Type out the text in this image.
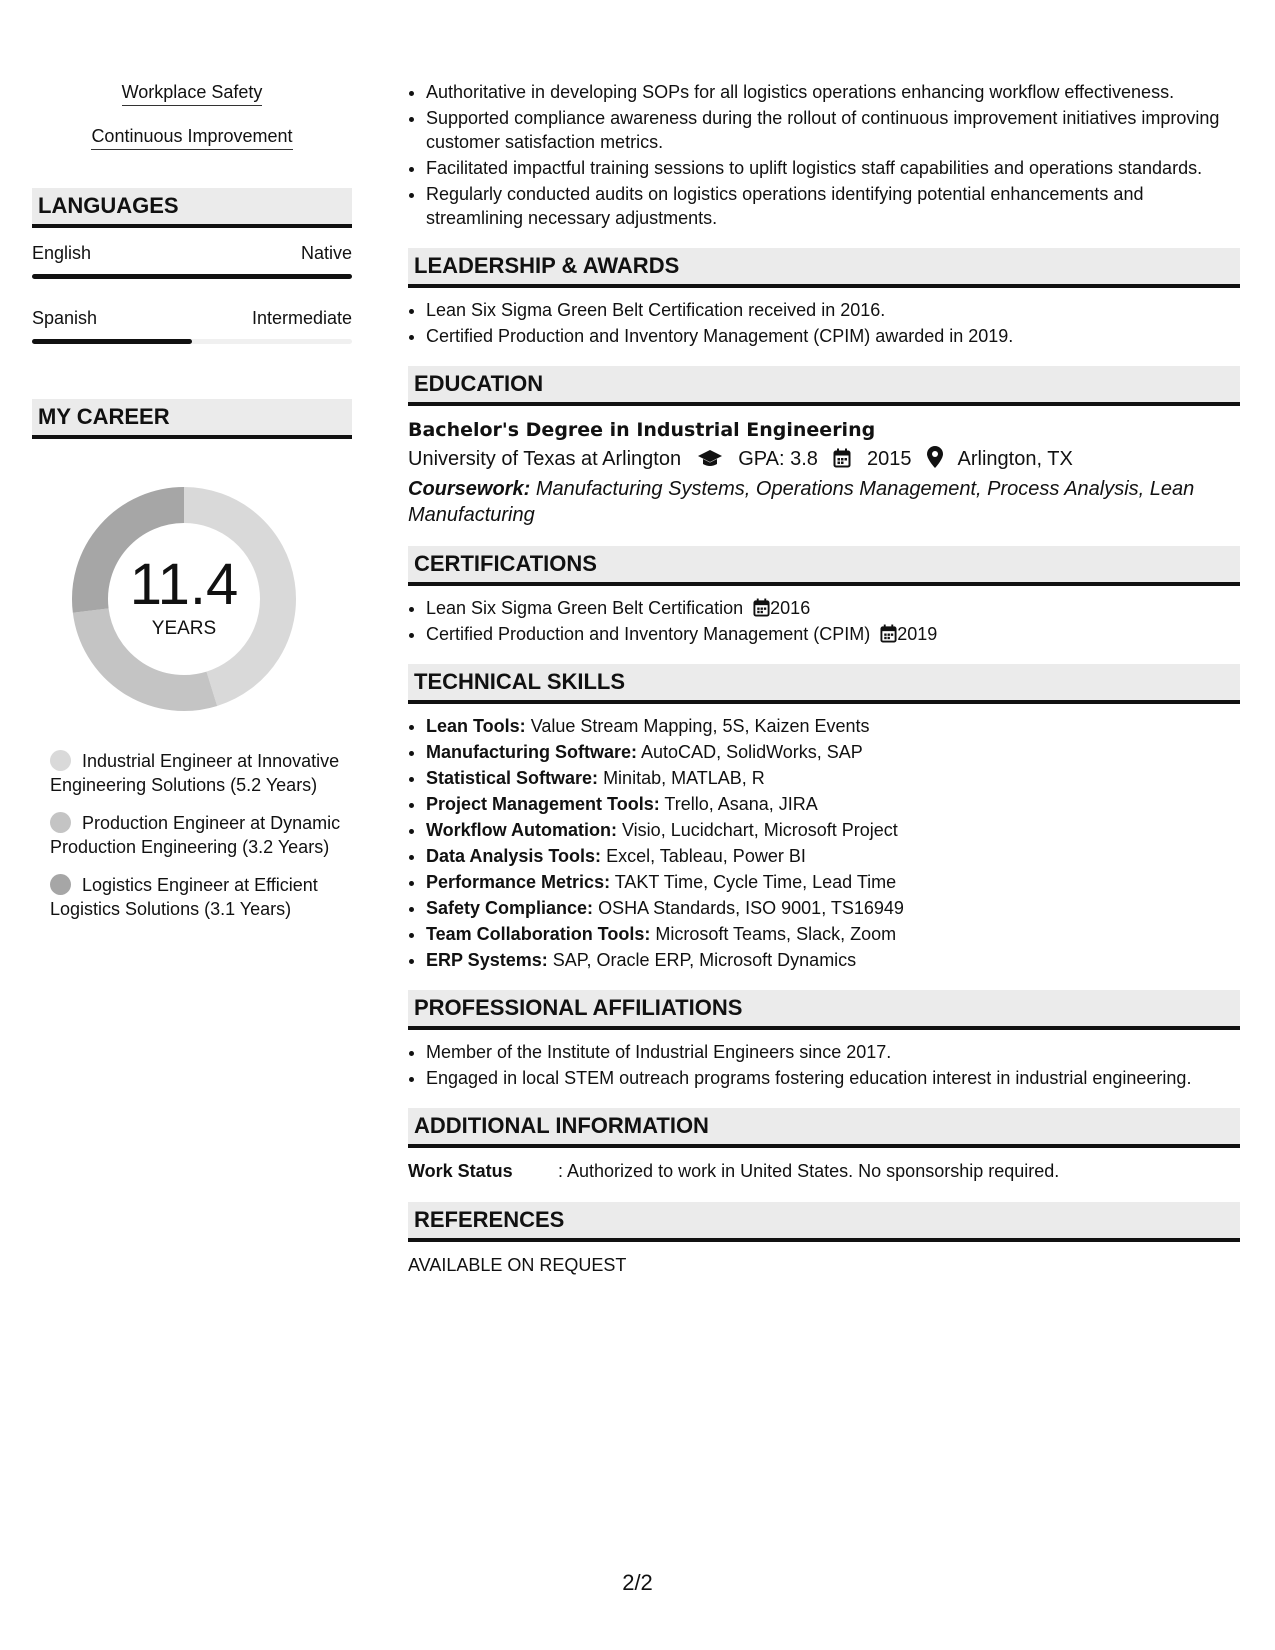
Workplace Safety
Continuous Improvement
LANGUAGES
English	Native
Spanish	Intermediate
MY CAREER
11.4
YEARS
Industrial Engineer at Innovative Engineering Solutions (5.2 Years)
Production Engineer at Dynamic Production Engineering (3.2 Years)
Logistics Engineer at Efficient Logistics Solutions (3.1 Years)
• Authoritative in developing SOPs for all logistics operations enhancing workflow effectiveness.
• Supported compliance awareness during the rollout of continuous improvement initiatives improving customer satisfaction metrics.
• Facilitated impactful training sessions to uplift logistics staff capabilities and operations standards.
• Regularly conducted audits on logistics operations identifying potential enhancements and streamlining necessary adjustments.
LEADERSHIP & AWARDS
• Lean Six Sigma Green Belt Certification received in 2016.
• Certified Production and Inventory Management (CPIM) awarded in 2019.
EDUCATION
Bachelor's Degree in Industrial Engineering
University of Texas at Arlington	GPA: 3.8 2015 Arlington, TX
Coursework: Manufacturing Systems, Operations Management, Process Analysis, Lean Manufacturing
CERTIFICATIONS
• Lean Six Sigma Green Belt Certification 2016
• Certified Production and Inventory Management (CPIM) 2019
TECHNICAL SKILLS
• Lean Tools: Value Stream Mapping, 5S, Kaizen Events
• Manufacturing Software: AutoCAD, SolidWorks, SAP
• Statistical Software: Minitab, MATLAB, R
• Project Management Tools: Trello, Asana, JIRA
• Workflow Automation: Visio, Lucidchart, Microsoft Project
• Data Analysis Tools: Excel, Tableau, Power BI
• Performance Metrics: TAKT Time, Cycle Time, Lead Time
• Safety Compliance: OSHA Standards, ISO 9001, TS16949
• Team Collaboration Tools: Microsoft Teams, Slack, Zoom
• ERP Systems: SAP, Oracle ERP, Microsoft Dynamics
PROFESSIONAL AFFILIATIONS
• Member of the Institute of Industrial Engineers since 2017.
• Engaged in local STEM outreach programs fostering education interest in industrial engineering.
ADDITIONAL INFORMATION
Work Status	: Authorized to work in United States. No sponsorship required.
REFERENCES
AVAILABLE ON REQUEST
2/2
